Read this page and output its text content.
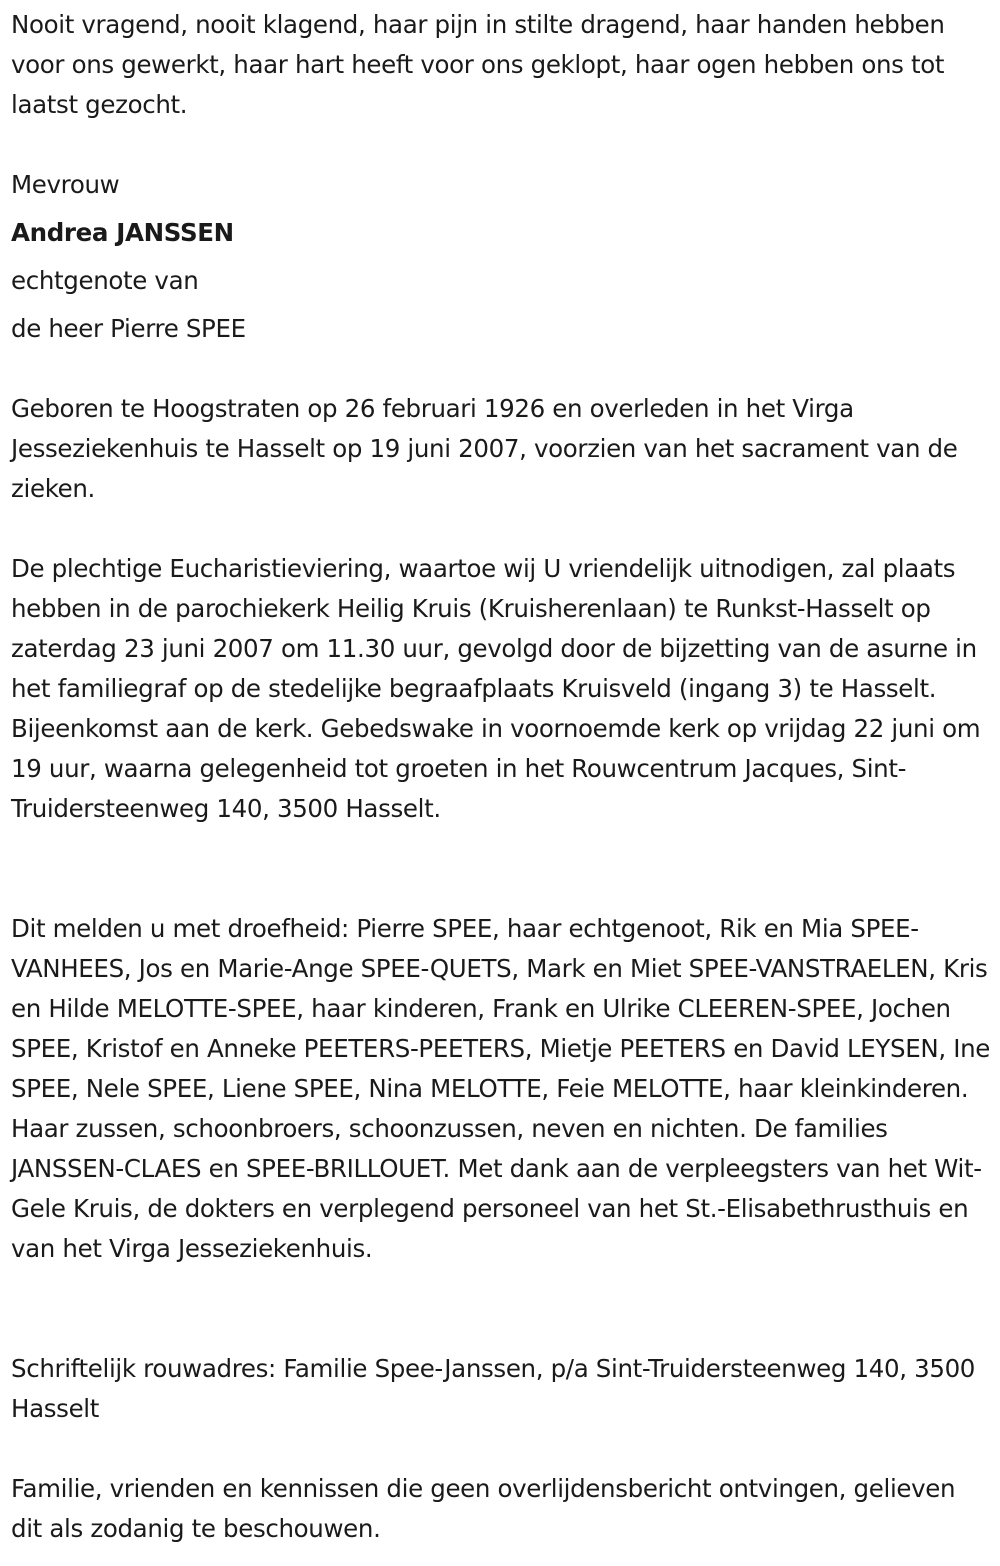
Nooit vragend, nooit klagend, haar pijn in stilte dragend, haar handen hebben voor ons gewerkt, haar hart heeft voor ons geklopt, haar ogen hebben ons tot laatst gezocht.

Mevrouw

Andrea JANSSEN

echtgenote van

de heer Pierre SPEE

Geboren te Hoogstraten op 26 februari 1926 en overleden in het Virga Jesseziekenhuis te Hasselt op 19 juni 2007, voorzien van het sacrament van de zieken.

De plechtige Eucharistieviering, waartoe wij U vriendelijk uitnodigen, zal plaats hebben in de parochiekerk Heilig Kruis (Kruisherenlaan) te Runkst-Hasselt op zaterdag 23 juni 2007 om 11.30 uur, gevolgd door de bijzetting van de asurne in het familiegraf op de stedelijke begraafplaats Kruisveld (ingang 3) te Hasselt. Bijeenkomst aan de kerk. Gebedswake in voornoemde kerk op vrijdag 22 juni om 19 uur, waarna gelegenheid tot groeten in het Rouwcentrum Jacques, Sint-Truidersteenweg 140, 3500 Hasselt.

Dit melden u met droefheid: Pierre SPEE, haar echtgenoot, Rik en Mia SPEE-VANHEES, Jos en Marie-Ange SPEE-QUETS, Mark en Miet SPEE-VANSTRAELEN, Kris en Hilde MELOTTE-SPEE, haar kinderen, Frank en Ulrike CLEEREN-SPEE, Jochen SPEE, Kristof en Anneke PEETERS-PEETERS, Mietje PEETERS en David LEYSEN, Ine SPEE, Nele SPEE, Liene SPEE, Nina MELOTTE, Feie MELOTTE, haar kleinkinderen. Haar zussen, schoonbroers, schoonzussen, neven en nichten. De families JANSSEN-CLAES en SPEE-BRILLOUET. Met dank aan de verpleegsters van het Wit-Gele Kruis, de dokters en verplegend personeel van het St.-Elisabethrusthuis en van het Virga Jesseziekenhuis.

Schriftelijk rouwadres: Familie Spee-Janssen, p/a Sint-Truidersteenweg 140, 3500 Hasselt

Familie, vrienden en kennissen die geen overlijdensbericht ontvingen, gelieven dit als zodanig te beschouwen.
